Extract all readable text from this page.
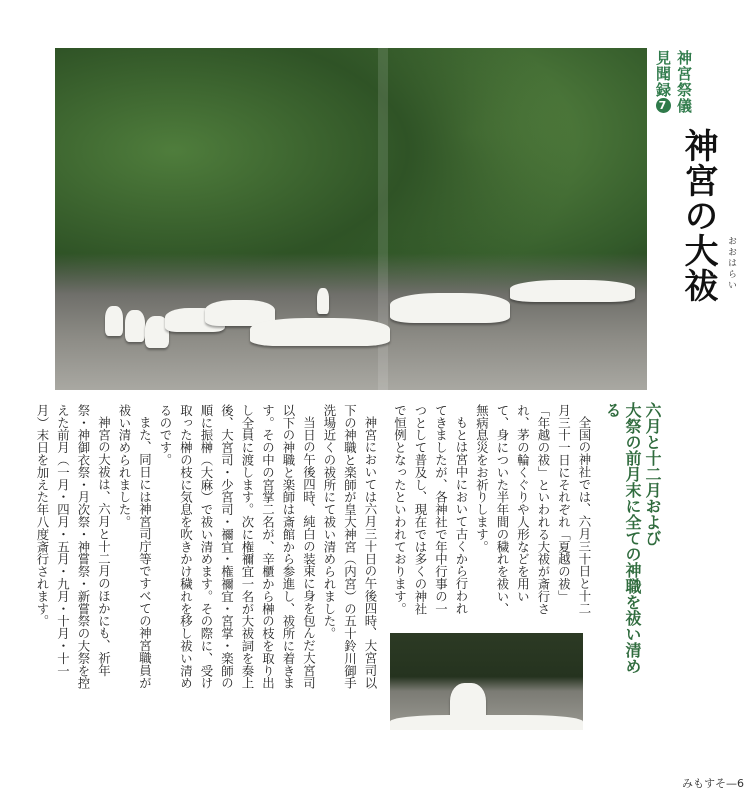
神宮祭儀
見聞録7
神宮の大祓 おおはらい
六月と十二月および
大祭の前月末に全ての神職を祓い清める

全国の神社では、六月三十日と十二月三十一日にそれぞれ「夏越の祓」「年越の祓」といわれる大祓が斎行され、茅の輪くぐりや人形などを用いて、身についた半年間の穢れを祓い、無病息災をお祈りします。

もとは宮中において古くから行われてきましたが、各神社で年中行事の一つとして普及し、現在では多くの神社で恒例となったといわれております。

神宮においては六月三十日の午後四時、大宮司以下の神職と楽師が皇大神宮（内宮）の五十鈴川御手洗場近くの祓所にて祓い清められました。

当日の午後四時、純白の装束に身を包んだ大宮司以下の神職と楽師は斎館から参進し、祓所に着きます。その中の宮掌二名が、辛櫃から榊の枝を取り出し全員に渡します。次に権禰宜一名が大祓詞を奏上後、大宮司・少宮司・禰宜・権禰宜・宮掌・楽師の順に振榊（大麻）で祓い清めます。その際に、受け取った榊の枝に気息を吹きかけ穢れを移し祓い清めるのです。

また、同日には神宮司庁等ですべての神宮職員が祓い清められました。

神宮の大祓は、六月と十二月のほかにも、祈年祭・神御衣祭・月次祭・神嘗祭・新嘗祭の大祭を控えた前月（一月・四月・五月・九月・十月・十一月）末日を加えた年八度斎行されます。

みもすそ—6
